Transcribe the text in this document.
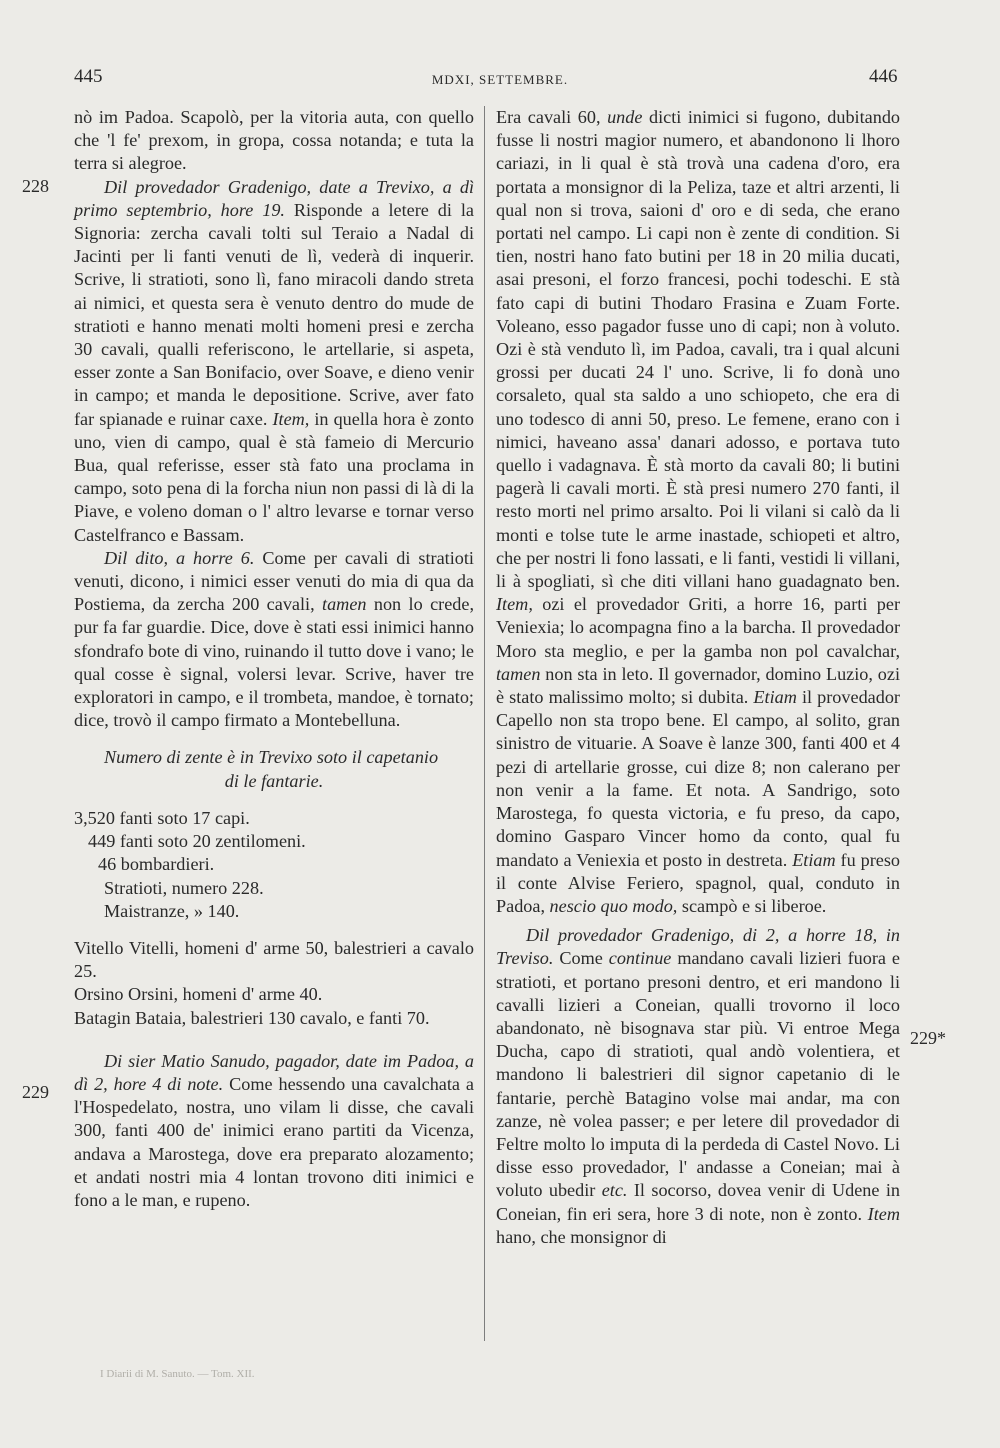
445	MDXI, SETTEMBRE.	446
228
229
229*

nò im Padoa. Scapolò, per la vitoria auta, con quello che 'l fe' prexom, in gropa, cossa notanda; e tuta la terra si alegroe.

Dil provedador Gradenigo, date a Trevixo, a dì primo septembrio, hore 19. Risponde a letere di la Signoria: zercha cavali tolti sul Teraio a Nadal di Jacinti per li fanti venuti de lì, vederà di inquerir. Scrive, li stratioti, sono lì, fano miracoli dando streta ai nimici, et questa sera è venuto dentro do mude de stratioti e hanno menati molti homeni presi e zercha 30 cavali, qualli referiscono, le artellarie, si aspeta, esser zonte a San Bonifacio, over Soave, e dieno venir in campo; et manda le depositione. Scrive, aver fato far spianade e ruinar caxe. Item, in quella hora è zonto uno, vien di campo, qual è stà fameio di Mercurio Bua, qual referisse, esser stà fato una proclama in campo, soto pena di la forcha niun non passi di là di la Piave, e voleno doman o l' altro levarse e tornar verso Castelfranco e Bassam.

Dil dito, a horre 6. Come per cavali di stratioti venuti, dicono, i nimici esser venuti do mia di qua da Postiema, da zercha 200 cavali, tamen non lo crede, pur fa far guardie. Dice, dove è stati essi inimici hanno sfondrafo bote di vino, ruinando il tutto dove i vano; le qual cosse è signal, volersi levar. Scrive, haver tre exploratori in campo, e il trombeta, mandoe, è tornato; dice, trovò il campo firmato a Montebelluna.

Numero di zente è in Trevixo soto il capetanio

di le fantarie.

3,520 fanti soto 17 capi.

449 fanti soto 20 zentilomeni.

46 bombardieri.

Stratioti, numero 228.

Maistranze, » 140.

Vitello Vitelli, homeni d' arme 50, balestrieri a cavalo 25.

Orsino Orsini, homeni d' arme 40.

Batagin Bataia, balestrieri 130 cavalo, e fanti 70.

Di sier Matio Sanudo, pagador, date im Padoa, a dì 2, hore 4 di note. Come hessendo una cavalchata a l'Hospedelato, nostra, uno vilam li disse, che cavali 300, fanti 400 de' inimici erano partiti da Vicenza, andava a Marostega, dove era preparato alozamento; et andati nostri mia 4 lontan trovono diti inimici e fono a le man, e rupeno.

Era cavali 60, unde dicti inimici si fugono, dubitando fusse li nostri magior numero, et abandonono li lhoro cariazi, in li qual è stà trovà una cadena d'oro, era portata a monsignor di la Peliza, taze et altri arzenti, li qual non si trova, saioni d' oro e di seda, che erano portati nel campo. Li capi non è zente di condition. Si tien, nostri hano fato butini per 18 in 20 milia ducati, asai presoni, el forzo francesi, pochi todeschi. E stà fato capi di butini Thodaro Frasina e Zuam Forte. Voleano, esso pagador fusse uno di capi; non à voluto. Ozi è stà venduto lì, im Padoa, cavali, tra i qual alcuni grossi per ducati 24 l' uno. Scrive, li fo donà uno corsaleto, qual sta saldo a uno schiopeto, che era di uno todesco di anni 50, preso. Le femene, erano con i nimici, haveano assa' danari adosso, e portava tuto quello i vadagnava. È stà morto da cavali 80; li butini pagerà li cavali morti. È stà presi numero 270 fanti, il resto morti nel primo arsalto. Poi li vilani si calò da li monti e tolse tute le arme inastade, schiopeti et altro, che per nostri li fono lassati, e li fanti, vestidi li villani, li à spogliati, sì che diti villani hano guadagnato ben. Item, ozi el provedador Griti, a horre 16, parti per Veniexia; lo acompagna fino a la barcha. Il provedador Moro sta meglio, e per la gamba non pol cavalchar, tamen non sta in leto. Il governador, domino Luzio, ozi è stato malissimo molto; si dubita. Etiam il provedador Capello non sta tropo bene. El campo, al solito, gran sinistro de vituarie. A Soave è lanze 300, fanti 400 et 4 pezi di artellarie grosse, cui dize 8; non calerano per non venir a la fame. Et nota. A Sandrigo, soto Marostega, fo questa victoria, e fu preso, da capo, domino Gasparo Vincer homo da conto, qual fu mandato a Veniexia et posto in destreta. Etiam fu preso il conte Alvise Feriero, spagnol, qual, conduto in Padoa, nescio quo modo, scampò e si liberoe.

Dil provedador Gradenigo, di 2, a horre 18, in Treviso. Come continue mandano cavali lizieri fuora e stratioti, et portano presoni dentro, et eri mandono li cavalli lizieri a Coneian, qualli trovorno il loco abandonato, nè bisognava star più. Vi entroe Mega Ducha, capo di stratioti, qual andò volentiera, et mandono li balestrieri dil signor capetanio di le fantarie, perchè Batagino volse mai andar, ma con zanze, nè volea passer; e per letere dil provedador di Feltre molto lo imputa di la perdeda di Castel Novo. Li disse esso provedador, l' andasse a Coneian; mai à voluto ubedir etc. Il socorso, dovea venir di Udene in Coneian, fin eri sera, hore 3 di note, non è zonto. Item hano, che monsignor di

I Diarii di M. Sanuto. — Tom. XII.
